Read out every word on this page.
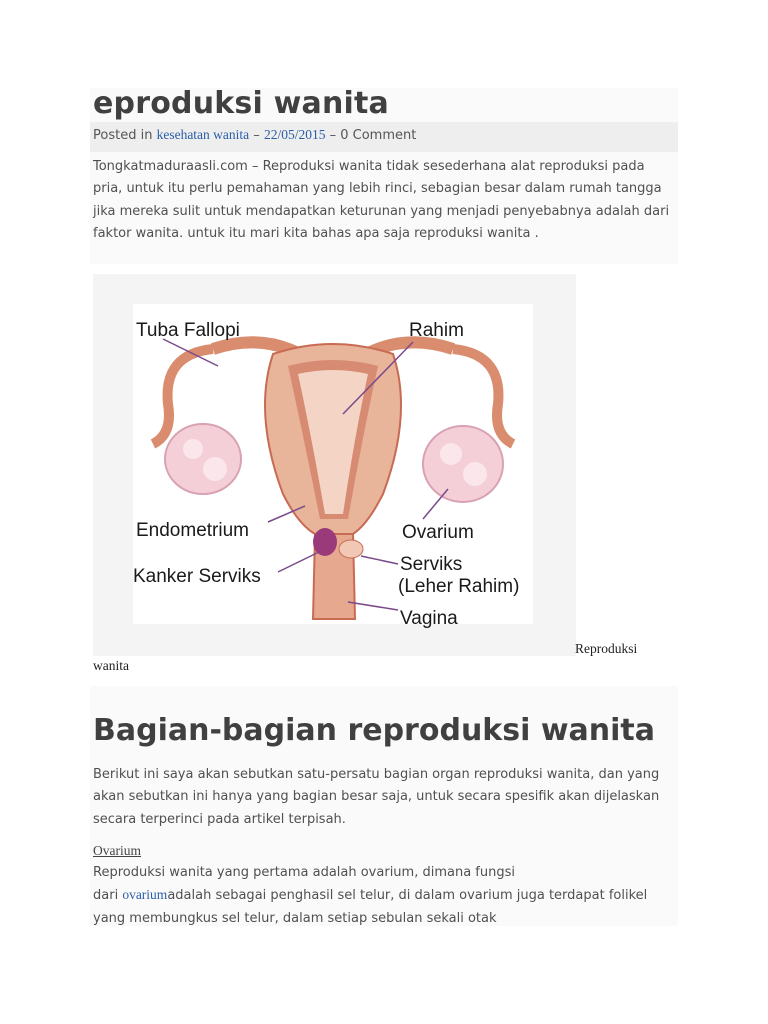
eproduksi wanita
Posted in kesehatan wanita – 22/05/2015 – 0 Comment

Tongkatmaduraasli.com – Reproduksi wanita tidak sesederhana alat reproduksi pada pria, untuk itu perlu pemahaman yang lebih rinci, sebagian besar dalam rumah tangga jika mereka sulit untuk mendapatkan keturunan yang menjadi penyebabnya adalah dari faktor wanita. untuk itu mari kita bahas apa saja reproduksi wanita .

Tuba Fallopi	Rahim
Endometrium	Ovarium
Kanker Serviks
Serviks
(Leher Rahim)
Vagina
Reproduksi
wanita
Bagian-bagian reproduksi wanita

Berikut ini saya akan sebutkan satu-persatu bagian organ reproduksi wanita, dan yang akan sebutkan ini hanya yang bagian besar saja, untuk secara spesifik akan dijelaskan secara terperinci pada artikel terpisah.

Ovarium

Reproduksi wanita yang pertama adalah ovarium, dimana fungsi
dari ovariumadalah sebagai penghasil sel telur, di dalam ovarium juga terdapat folikel yang membungkus sel telur, dalam setiap sebulan sekali otak
